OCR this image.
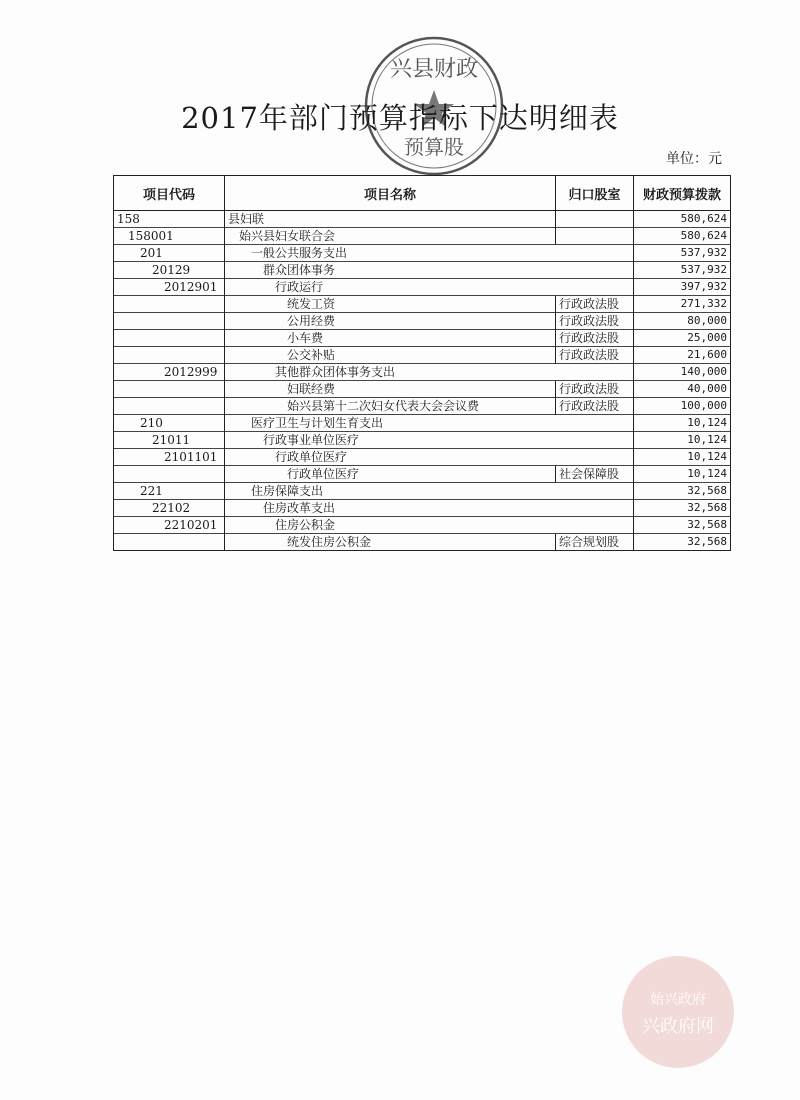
兴县财政
预算股
2017年部门预算指标下达明细表
单位：元
项目代码	项目名称	归口股室	财政预算拨款
158	县妇联		580,624
158001	始兴县妇女联合会		580,624
201	一般公共服务支出		537,932
20129	群众团体事务		537,932
2012901	行政运行		397,932
	统发工资	行政政法股	271,332
	公用经费	行政政法股	80,000
	小车费	行政政法股	25,000
	公交补贴	行政政法股	21,600
2012999	其他群众团体事务支出		140,000
	妇联经费	行政政法股	40,000
	始兴县第十二次妇女代表大会会议费	行政政法股	100,000
210	医疗卫生与计划生育支出		10,124
21011	行政事业单位医疗		10,124
2101101	行政单位医疗		10,124
	行政单位医疗	社会保障股	10,124
221	住房保障支出		32,568
22102	住房改革支出		32,568
2210201	住房公积金		32,568
	统发住房公积金	综合规划股	32,568
始兴政府
兴政府网
